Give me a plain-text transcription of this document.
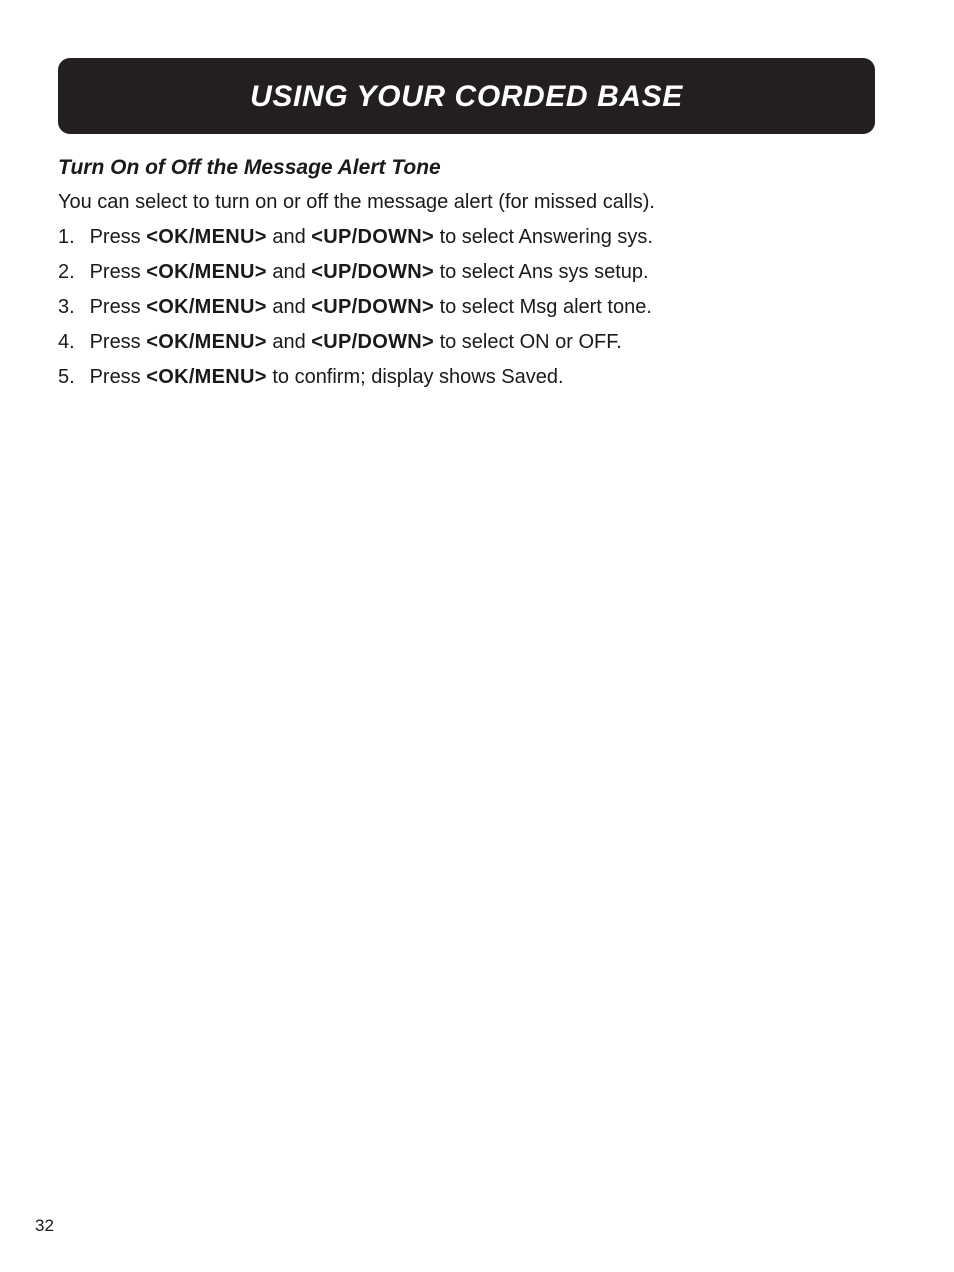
USING YOUR CORDED BASE

Turn On of Off the Message Alert Tone

You can select to turn on or off the message alert (for missed calls).

1. Press <OK/MENU> and <UP/DOWN> to select Answering sys.
2. Press <OK/MENU> and <UP/DOWN> to select Ans sys setup.
3. Press <OK/MENU> and <UP/DOWN> to select Msg alert tone.
4. Press <OK/MENU> and <UP/DOWN> to select ON or OFF.
5. Press <OK/MENU> to confirm; display shows Saved.
32
